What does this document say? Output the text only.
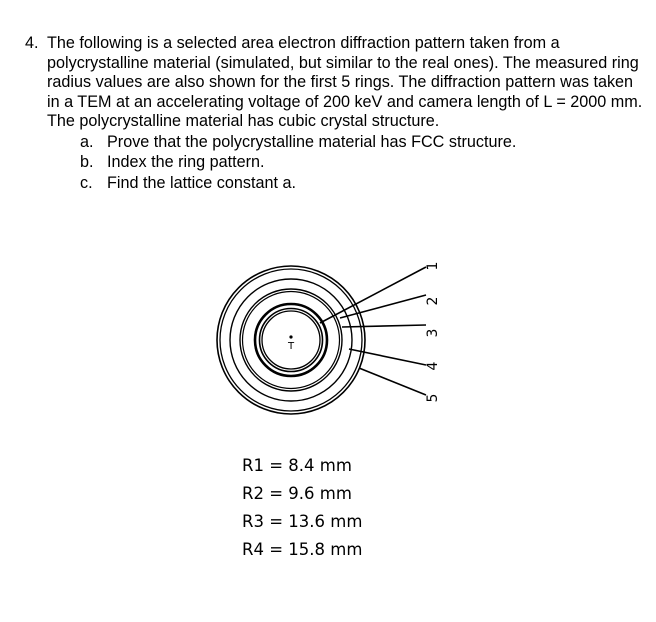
4. The following is a selected area electron diffraction pattern taken from a polycrystalline material (simulated, but similar to the real ones). The measured ring radius values are also shown for the first 5 rings. The diffraction pattern was taken in a TEM at an accelerating voltage of 200 keV and camera length of L = 2000 mm. The polycrystalline material has cubic crystal structure.

a. Prove that the polycrystalline material has FCC structure.
b. Index the ring pattern.
c. Find the lattice constant a.
1
2
3
4
5
T
R1 = 8.4 mm
R2 = 9.6 mm
R3 = 13.6 mm
R4 = 15.8 mm
